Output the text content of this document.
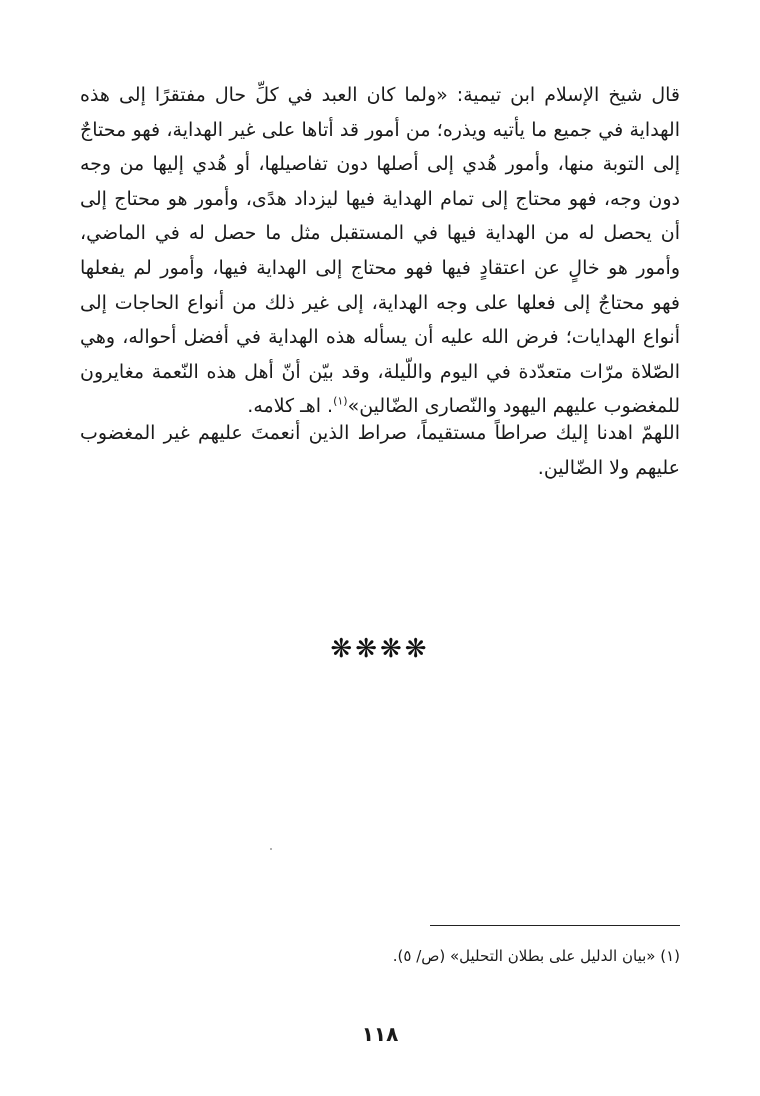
قال شيخ الإسلام ابن تيمية: «ولما كان العبد في كلِّ حال مفتقرًا إلى هذه الهداية في جميع ما يأتيه ويذره؛ من أمور قد أتاها على غير الهداية، فهو محتاجٌ إلى التوبة منها، وأمور هُدي إلى أصلها دون تفاصيلها، أو هُدي إليها من وجه دون وجه، فهو محتاج إلى تمام الهداية فيها ليزداد هدًى، وأمور هو محتاج إلى أن يحصل له من الهداية فيها في المستقبل مثل ما حصل له في الماضي، وأمور هو خالٍ عن اعتقادٍ فيها فهو محتاج إلى الهداية فيها، وأمور لم يفعلها فهو محتاجٌ إلى فعلها على وجه الهداية، إلى غير ذلك من أنواع الحاجات إلى أنواع الهدايات؛ فرض الله عليه أن يسأله هذه الهداية في أفضل أحواله، وهي الصّلاة مرّات متعدّدة في اليوم واللّيلة، وقد بيّن أنّ أهل هذه النّعمة مغايرون للمغضوب عليهم اليهود والنّصارى الضّالين»$^{(١)}$. اهـ كلامه.

اللهمّ اهدنا إليك صراطاً مستقيماً، صراط الذين أنعمتَ عليهم غير المغضوب عليهم ولا الضّالين.

❋❋❋❋
(١) «بيان الدليل على بطلان التحليل» (ص/ ٥).
١١٨
